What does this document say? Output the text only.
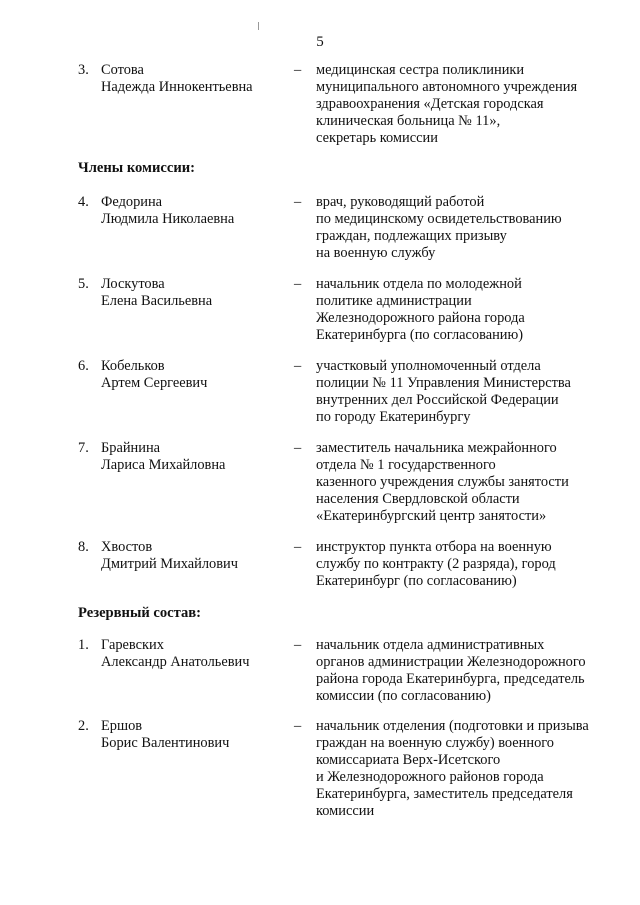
5
3. Сотова
Надежда Иннокентьевна
– медицинская сестра поликлиники
муниципального автономного учреждения
здравоохранения «Детская городская
клиническая больница № 11»,
секретарь комиссии
Члены комиссии:
4. Федорина
Людмила Николаевна
– врач, руководящий работой
по медицинскому освидетельствованию
граждан, подлежащих призыву
на военную службу
5. Лоскутова
Елена Васильевна
– начальник отдела по молодежной
политике администрации
Железнодорожного района города
Екатеринбурга (по согласованию)
6. Кобельков
Артем Сергеевич
– участковый уполномоченный отдела
полиции № 11 Управления Министерства
внутренних дел Российской Федерации
по городу Екатеринбургу
7. Брайнина
Лариса Михайловна
– заместитель начальника межрайонного
отдела № 1 государственного
казенного учреждения службы занятости
населения Свердловской области
«Екатеринбургский центр занятости»
8. Хвостов
Дмитрий Михайлович
– инструктор пункта отбора на военную
службу по контракту (2 разряда), город
Екатеринбург (по согласованию)
Резервный состав:
1. Гаревских
Александр Анатольевич
– начальник отдела административных
органов администрации Железнодорожного
района города Екатеринбурга, председатель
комиссии (по согласованию)
2. Ершов
Борис Валентинович
– начальник отделения (подготовки и призыва
граждан на военную службу) военного
комиссариата Верх-Исетского
и Железнодорожного районов города
Екатеринбурга, заместитель председателя
комиссии
